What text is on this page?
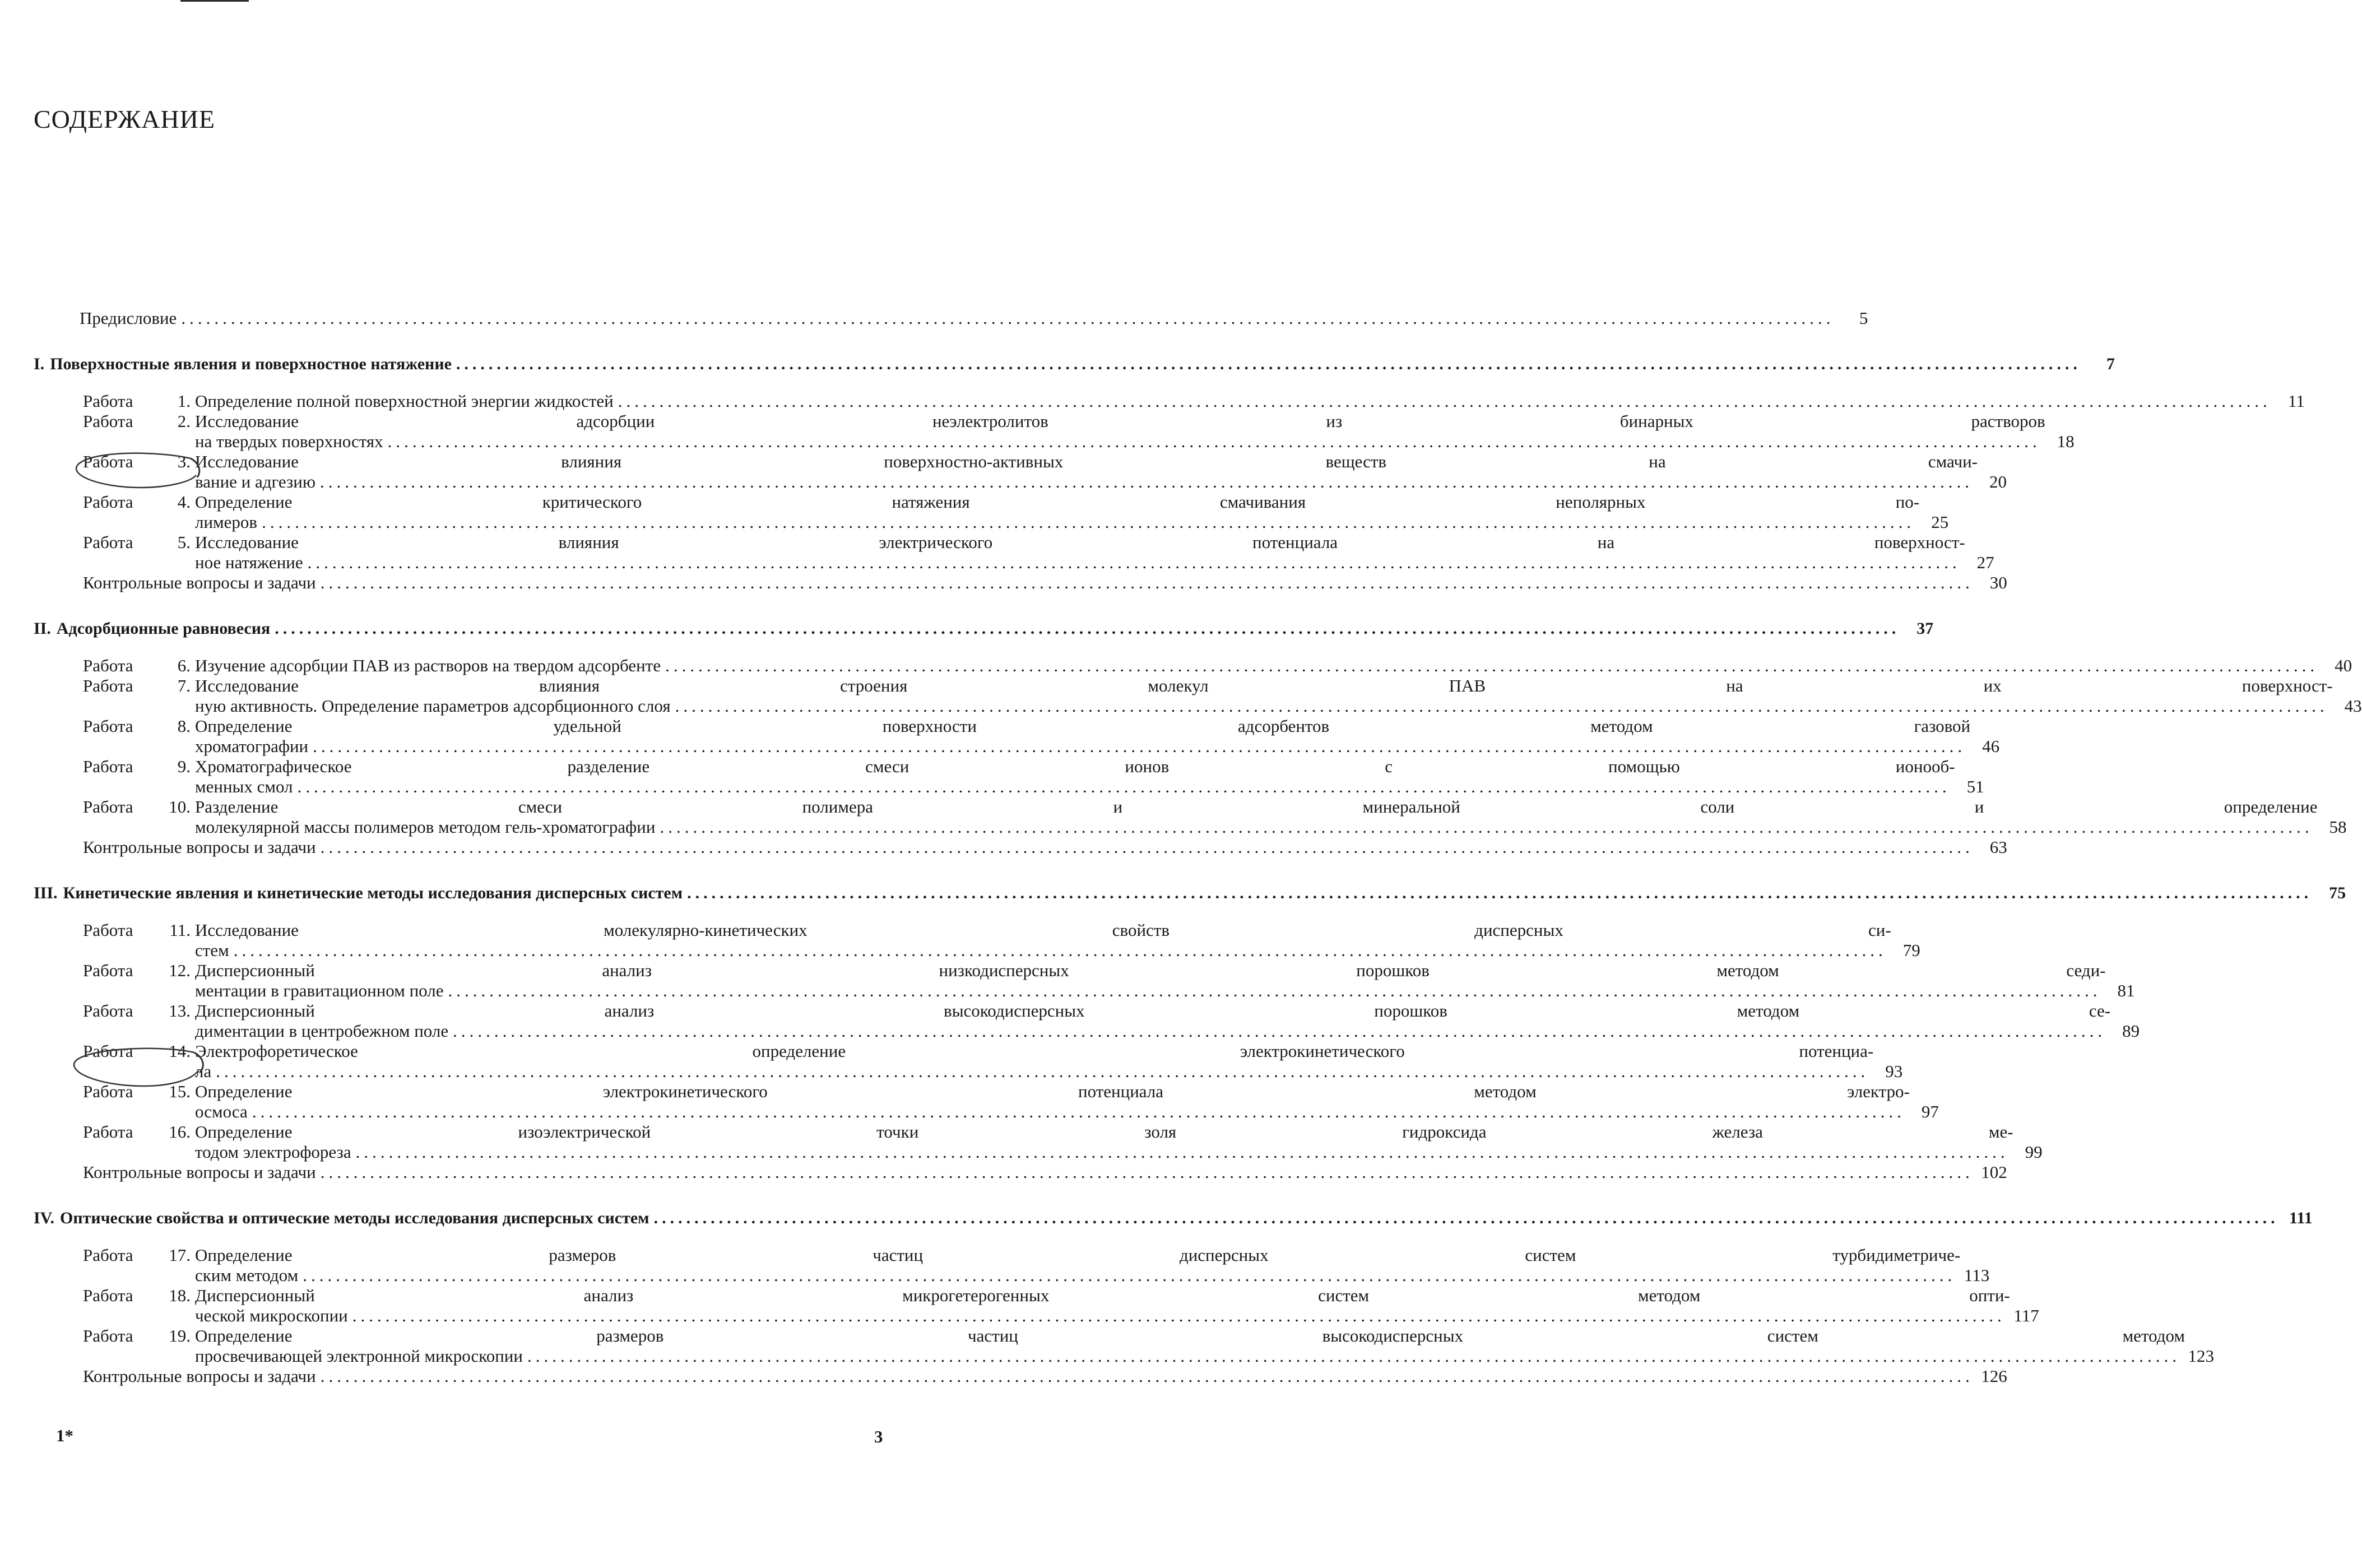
СОДЕРЖАНИЕ
Предисловие ........................................................................................................................................................................................................	5
I. Поверхностные явления и поверхностное натяжение ........................................................................................................................................................................................................	7
Работа	1. Определение полной поверхностной энергии жидкостей ........................................................................................................................................................................................................ 11
Работа	2. Исследование адсорбции неэлектролитов из бинарных растворов
на твердых поверхностях ........................................................................................................................................................................................................ 18
Работа	3. Исследование влияния поверхностно-активных веществ на смачи-
вание и адгезию ........................................................................................................................................................................................................ 20
Работа	4. Определение критического натяжения смачивания неполярных по-
лимеров ........................................................................................................................................................................................................ 25
Работа	5. Исследование влияния электрического потенциала на поверхност-
ное натяжение ........................................................................................................................................................................................................ 27
Контрольные вопросы и задачи ........................................................................................................................................................................................................ 30
II. Адсорбционные равновесия ........................................................................................................................................................................................................	37
Работа	6. Изучение адсорбции ПАВ из растворов на твердом адсорбенте ........................................................................................................................................................................................................ 40
Работа	7. Исследование влияния строения молекул ПАВ на их поверхност-
ную активность. Определение параметров адсорбционного слоя ........................................................................................................................................................................................................ 43
Работа	8. Определение удельной поверхности адсорбентов методом газовой
хроматографии ........................................................................................................................................................................................................ 46
Работа	9. Хроматографическое разделение смеси ионов с помощью ионооб-
менных смол ........................................................................................................................................................................................................ 51
Работа	10. Разделение смеси полимера и минеральной соли и определение
молекулярной массы полимеров методом гель-хроматографии ........................................................................................................................................................................................................ 58
Контрольные вопросы и задачи ........................................................................................................................................................................................................ 63
III. Кинетические явления и кинетические методы исследования дисперсных систем ........................................................................................................................................................................................................	75
Работа	11. Исследование молекулярно-кинетических свойств дисперсных си-
стем ........................................................................................................................................................................................................ 79
Работа	12. Дисперсионный анализ низкодисперсных порошков методом седи-
ментации в гравитационном поле ........................................................................................................................................................................................................ 81
Работа	13. Дисперсионный анализ высокодисперсных порошков методом се-
диментации в центробежном поле ........................................................................................................................................................................................................ 89
Работа	14. Электрофоретическое определение электрокинетического потенциа-
ла ........................................................................................................................................................................................................ 93
Работа	15. Определение электрокинетического потенциала методом электро-
осмоса ........................................................................................................................................................................................................ 97
Работа	16. Определение изоэлектрической точки золя гидроксида железа ме-
тодом электрофореза ........................................................................................................................................................................................................ 99
Контрольные вопросы и задачи ........................................................................................................................................................................................................ 102
IV. Оптические свойства и оптические методы исследования дисперсных систем ........................................................................................................................................................................................................ 111
Работа	17. Определение размеров частиц дисперсных систем турбидиметриче-
ским методом ........................................................................................................................................................................................................ 113
Работа	18. Дисперсионный анализ микрогетерогенных систем методом опти-
ческой микроскопии ........................................................................................................................................................................................................ 117
Работа	19. Определение размеров частиц высокодисперсных систем методом
просвечивающей электронной микроскопии ........................................................................................................................................................................................................ 123
Контрольные вопросы и задачи ........................................................................................................................................................................................................ 126
1*	3
